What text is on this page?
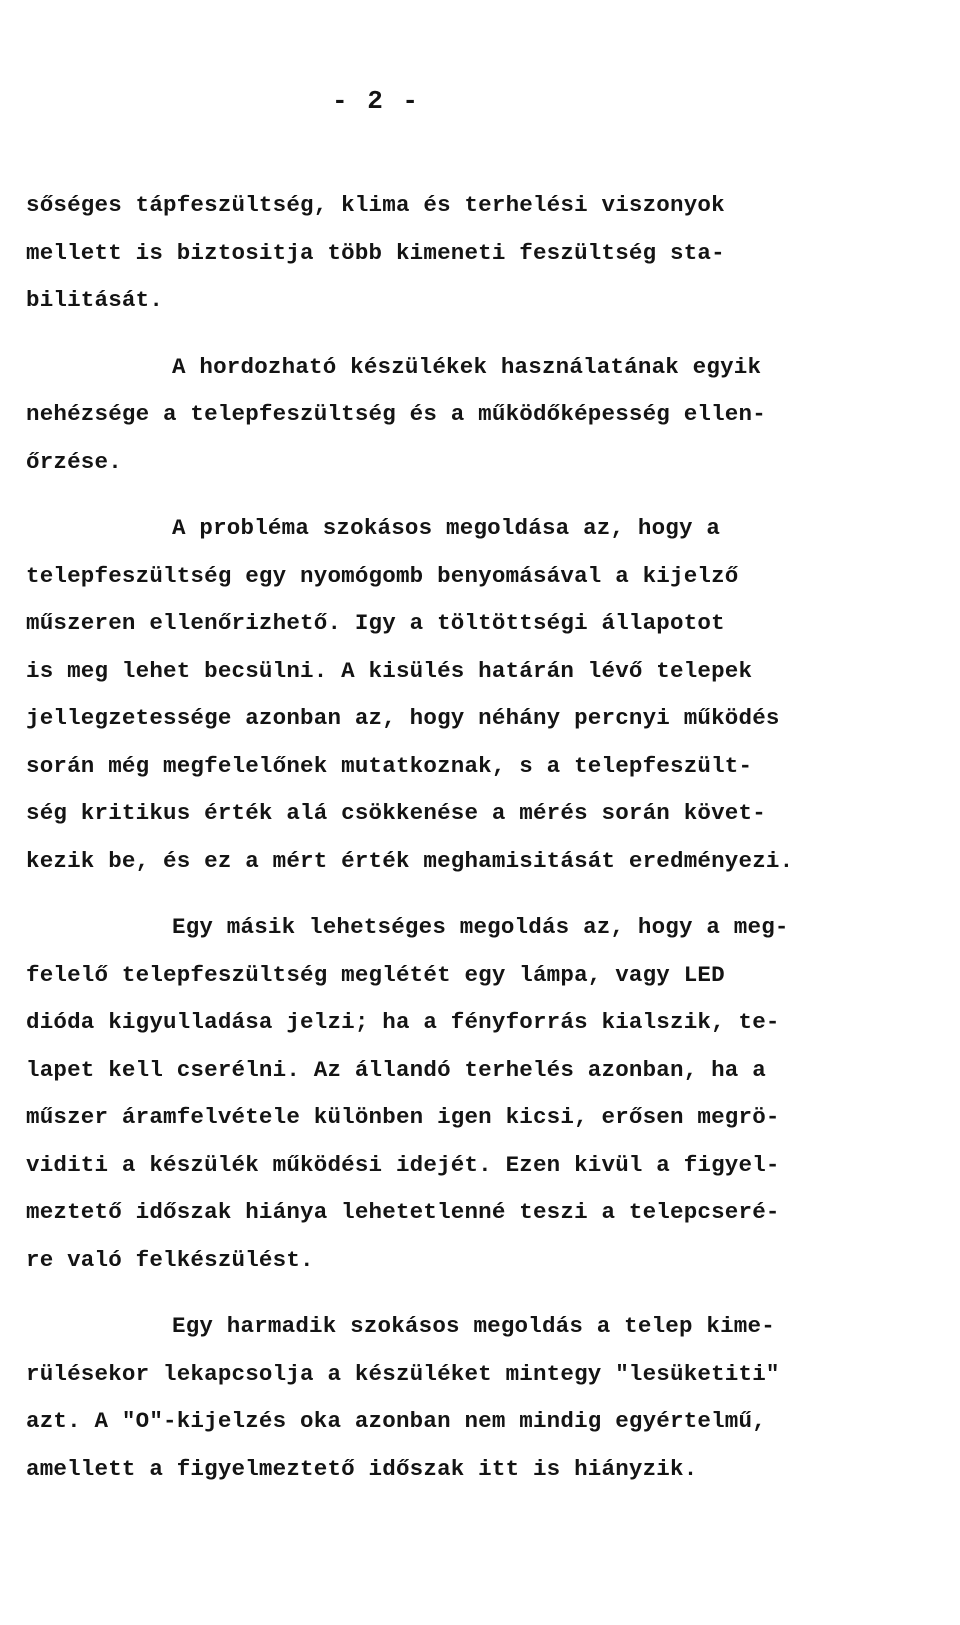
- 2 -
sőséges tápfeszültség, klima és terhelési viszonyok
mellett is biztositja több kimeneti feszültség sta-
bilitását.
A hordozható készülékek használatának egyik
nehézsége a telepfeszültség és a működőképesség ellen-
őrzése.
A probléma szokásos megoldása az, hogy a
telepfeszültség egy nyomógomb benyomásával a kijelző
műszeren ellenőrizhető. Igy a töltöttségi állapotot
is meg lehet becsülni. A kisülés határán lévő telepek
jellegzetessége azonban az, hogy néhány percnyi működés
során még megfelelőnek mutatkoznak, s a telepfeszült-
ség kritikus érték alá csökkenése a mérés során követ-
kezik be, és ez a mért érték meghamisitását eredményezi.
Egy másik lehetséges megoldás az, hogy a meg-
felelő telepfeszültség meglétét egy lámpa, vagy LED
dióda kigyulladása jelzi; ha a fényforrás kialszik, te-
lapet kell cserélni. Az állandó terhelés azonban, ha a
műszer áramfelvétele különben igen kicsi, erősen megrö-
viditi a készülék működési idejét. Ezen kivül a figyel-
meztető időszak hiánya lehetetlenné teszi a telepcseré-
re való felkészülést.
Egy harmadik szokásos megoldás a telep kime-
rülésekor lekapcsolja a készüléket mintegy "lesüketiti"
azt. A "O"-kijelzés oka azonban nem mindig egyértelmű,
amellett a figyelmeztető időszak itt is hiányzik.
